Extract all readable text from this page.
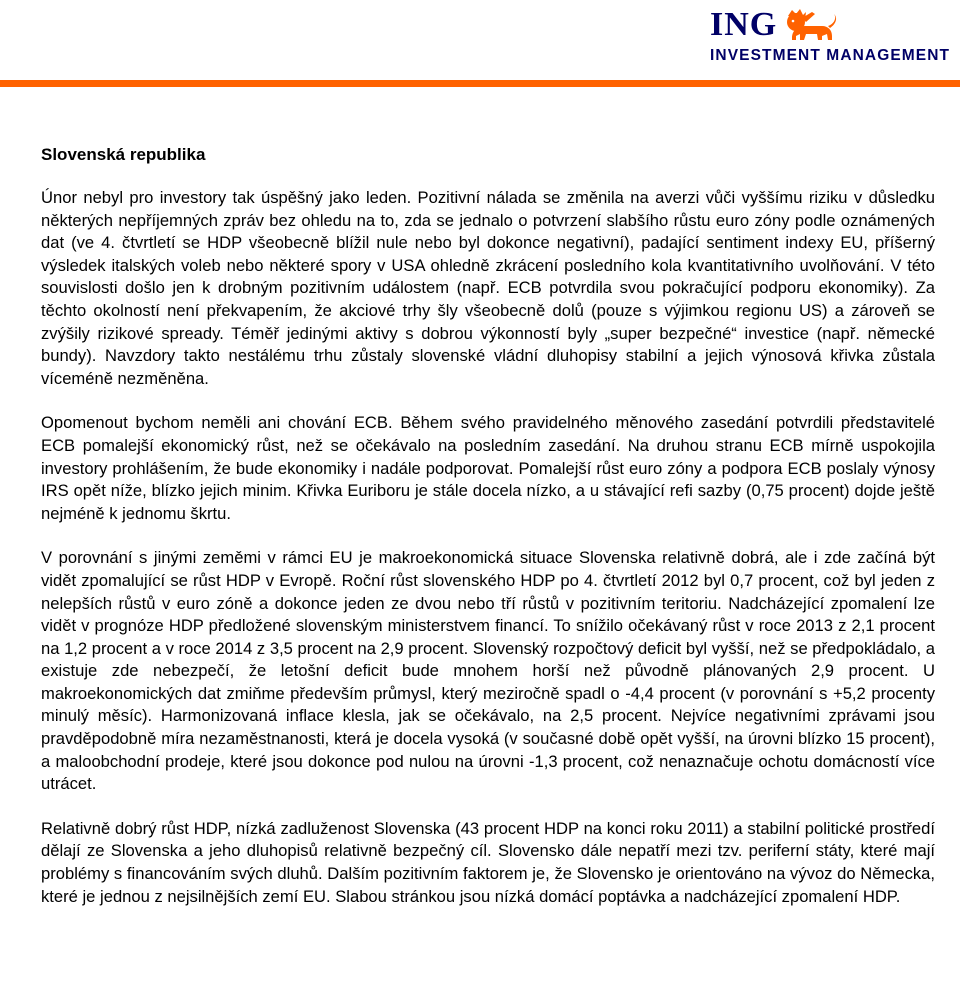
ING
INVESTMENT MANAGEMENT
Slovenská republika

Únor nebyl pro investory tak úspěšný jako leden. Pozitivní nálada se změnila na averzi vůči vyššímu riziku v důsledku některých nepříjemných zpráv bez ohledu na to, zda se jednalo o potvrzení slabšího růstu euro zóny podle oznámených dat (ve 4. čtvrtletí se HDP všeobecně blížil nule nebo byl dokonce negativní), padající sentiment indexy EU, příšerný výsledek italských voleb nebo některé spory v USA ohledně zkrácení posledního kola kvantitativního uvolňování. V této souvislosti došlo jen k drobným pozitivním událostem (např. ECB potvrdila svou pokračující podporu ekonomiky). Za těchto okolností není překvapením, že akciové trhy šly všeobecně dolů (pouze s výjimkou regionu US) a zároveň se zvýšily rizikové spready. Téměř jedinými aktivy s dobrou výkonností byly „super bezpečné“ investice (např. německé bundy). Navzdory takto nestálému trhu zůstaly slovenské vládní dluhopisy stabilní a jejich výnosová křivka zůstala víceméně nezměněna.

Opomenout bychom neměli ani chování ECB. Během svého pravidelného měnového zasedání potvrdili představitelé ECB pomalejší ekonomický růst, než se očekávalo na posledním zasedání. Na druhou stranu ECB mírně uspokojila investory prohlášením, že bude ekonomiky i nadále podporovat. Pomalejší růst euro zóny a podpora ECB poslaly výnosy IRS opět níže, blízko jejich minim. Křivka Euriboru je stále docela nízko, a u stávající refi sazby (0,75 procent) dojde ještě nejméně k jednomu škrtu.

V porovnání s jinými zeměmi v rámci EU je makroekonomická situace Slovenska relativně dobrá, ale i zde začíná být vidět zpomalující se růst HDP v Evropě. Roční růst slovenského HDP po 4. čtvrtletí 2012 byl 0,7 procent, což byl jeden z nelepších růstů v euro zóně a dokonce jeden ze dvou nebo tří růstů v pozitivním teritoriu. Nadcházející zpomalení lze vidět v prognóze HDP předložené slovenským ministerstvem financí. To snížilo očekávaný růst v roce 2013 z 2,1 procent na 1,2 procent a v roce 2014 z 3,5 procent na 2,9 procent. Slovenský rozpočtový deficit byl vyšší, než se předpokládalo, a existuje zde nebezpečí, že letošní deficit bude mnohem horší než původně plánovaných 2,9 procent. U makroekonomických dat zmiňme především průmysl, který meziročně spadl o -4,4 procent (v porovnání s +5,2 procenty minulý měsíc). Harmonizovaná inflace klesla, jak se očekávalo, na 2,5 procent. Nejvíce negativními zprávami jsou pravděpodobně míra nezaměstnanosti, která je docela vysoká (v současné době opět vyšší, na úrovni blízko 15 procent), a maloobchodní prodeje, které jsou dokonce pod nulou na úrovni -1,3 procent, což nenaznačuje ochotu domácností více utrácet.

Relativně dobrý růst HDP, nízká zadluženost Slovenska (43 procent HDP na konci roku 2011) a stabilní politické prostředí dělají ze Slovenska a jeho dluhopisů relativně bezpečný cíl. Slovensko dále nepatří mezi tzv. periferní státy, které mají problémy s financováním svých dluhů. Dalším pozitivním faktorem je, že Slovensko je orientováno na vývoz do Německa, které je jednou z nejsilnějších zemí EU. Slabou stránkou jsou nízká domácí poptávka a nadcházející zpomalení HDP.
